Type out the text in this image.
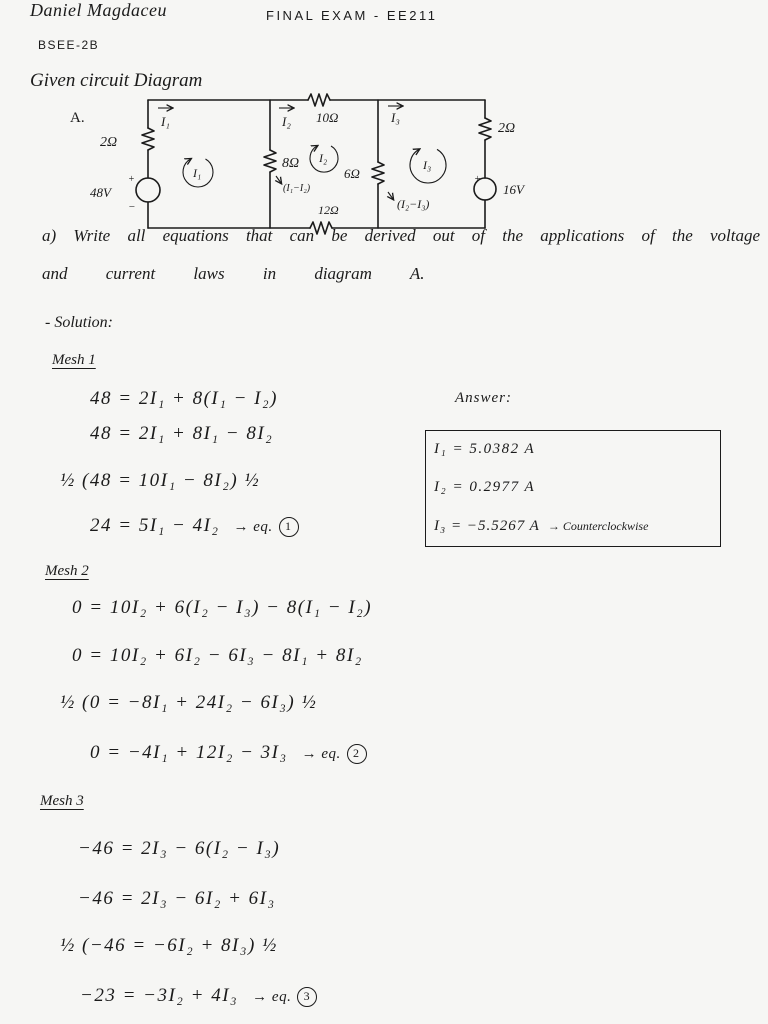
2Ω
48V
+
−
I₁	I₂ 10Ω	I₃
2Ω
16V
+
8Ω
(I₁−I₂)
6Ω
(I₂−I₃)
12Ω
I₁
I₂	I₃
Daniel Magdaceu	FINAL EXAM - EE211
BSEE-2B
Given circuit Diagram
A.
a) Write all equations that can be derived out of the applications of the voltage
and current laws in diagram A.
- Solution:
Mesh 1
48 = 2I₁ + 8(I₁ − I₂)
48 = 2I₁ + 8I₁ − 8I₂
½ (48 = 10I₁ − 8I₂) ½
24 = 5I₁ − 4I₂ → eq. 1
Mesh 2
0 = 10I₂ + 6(I₂ − I₃) − 8(I₁ − I₂)
0 = 10I₂ + 6I₂ − 6I₃ − 8I₁ + 8I₂
½ (0 = −8I₁ + 24I₂ − 6I₃) ½
0 = −4I₁ + 12I₂ − 3I₃ → eq. 2
Mesh 3
−46 = 2I₃ − 6(I₂ − I₃)
−46 = 2I₃ − 6I₂ + 6I₃
½ (−46 = −6I₂ + 8I₃) ½
−23 = −3I₂ + 4I₃ → eq. 3
Answer:
I₁ = 5.0382 A
I₂ = 0.2977 A
I₃ = −5.5267 A → Counterclockwise
